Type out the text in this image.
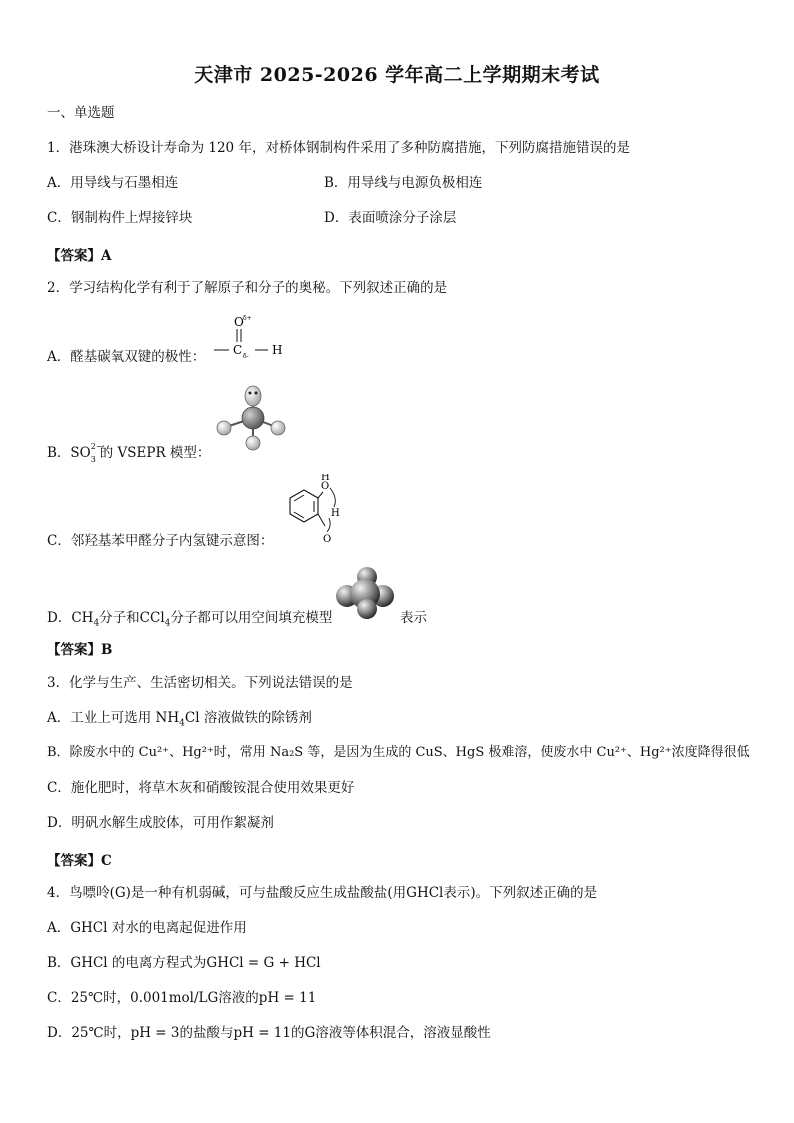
天津市 2025-2026 学年高二上学期期末考试
一、单选题
1．港珠澳大桥设计寿命为 120 年，对桥体钢制构件采用了多种防腐措施，下列防腐措施错误的是
A．用导线与石墨相连	B．用导线与电源负极相连
C．钢制构件上焊接锌块	D．表面喷涂分子涂层
【答案】A
2．学习结构化学有利于了解原子和分子的奥秘。下列叙述正确的是
A．醛基碳氧双键的极性：
O δ+
C δ- H
B．SO 2−
3 的 VSEPR 模型：
C．邻羟基苯甲醛分子内氢键示意图：
O
H
H
O
D．$CH_4$分子和CCl$_4$分子都可以用空间填充模型	表示
【答案】B
3．化学与生产、生活密切相关。下列说法错误的是
A．工业上可选用 $NH_4Cl$ 溶液做铁的除锈剂
B．除废水中的 Cu²⁺、Hg²⁺时，常用 Na₂S 等，是因为生成的 CuS、HgS 极难溶，使废水中 Cu²⁺、Hg²⁺浓度降得很低
C．施化肥时，将草木灰和硝酸铵混合使用效果更好
D．明矾水解生成胶体，可用作絮凝剂
【答案】C
4．鸟嘌呤(G)是一种有机弱碱，可与盐酸反应生成盐酸盐(用GHCl表示)。下列叙述正确的是
A．GHCl 对水的电离起促进作用
B．GHCl 的电离方程式为GHCl = G + HCl
C．25℃时，0.001mol/LG溶液的pH = 11
D．25℃时，pH = 3的盐酸与pH = 11的G溶液等体积混合，溶液显酸性
